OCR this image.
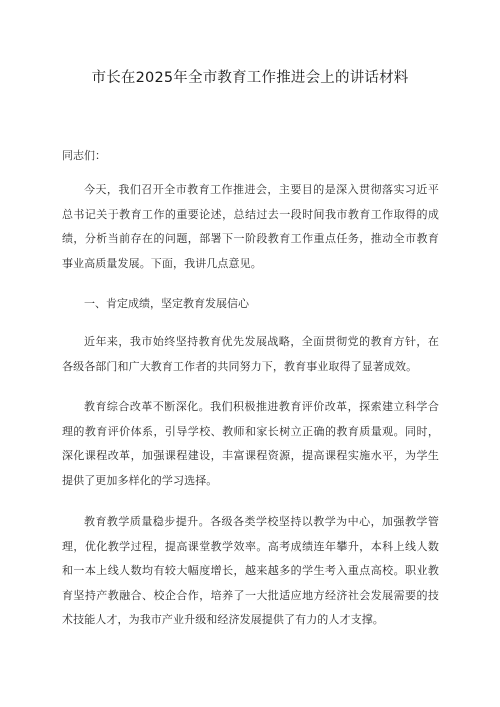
市长在2025年全市教育工作推进会上的讲话材料
同志们：
今天，我们召开全市教育工作推进会，主要目的是深入贯彻落实习近平总书记关于教育工作的重要论述，总结过去一段时间我市教育工作取得的成绩，分析当前存在的问题，部署下一阶段教育工作重点任务，推动全市教育事业高质量发展。下面，我讲几点意见。
一、肯定成绩，坚定教育发展信心
近年来，我市始终坚持教育优先发展战略，全面贯彻党的教育方针，在各级各部门和广大教育工作者的共同努力下，教育事业取得了显著成效。
教育综合改革不断深化。我们积极推进教育评价改革，探索建立科学合理的教育评价体系，引导学校、教师和家长树立正确的教育质量观。同时，深化课程改革，加强课程建设，丰富课程资源，提高课程实施水平，为学生提供了更加多样化的学习选择。
教育教学质量稳步提升。各级各类学校坚持以教学为中心，加强教学管理，优化教学过程，提高课堂教学效率。高考成绩连年攀升，本科上线人数和一本上线人数均有较大幅度增长，越来越多的学生考入重点高校。职业教育坚持产教融合、校企合作，培养了一大批适应地方经济社会发展需要的技术技能人才，为我市产业升级和经济发展提供了有力的人才支撑。
